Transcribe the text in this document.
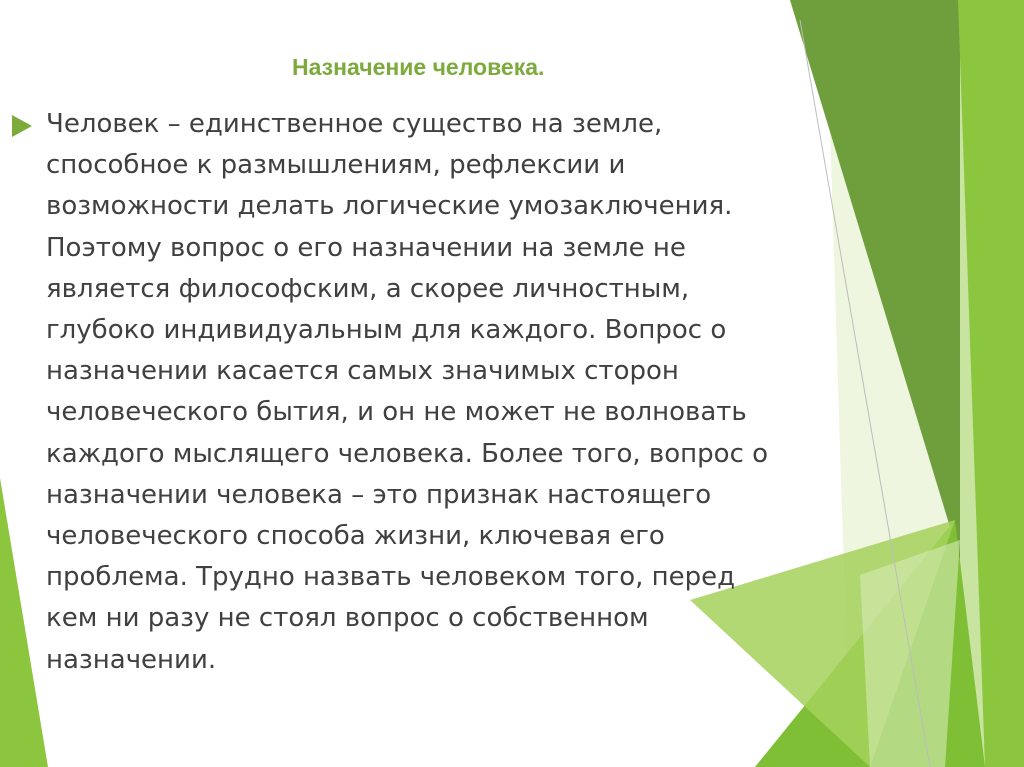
Назначение человека.

Человек – единственное существо на земле,
способное к размышлениям, рефлексии и
возможности делать логические умозаключения.
Поэтому вопрос о его назначении на земле не
является философским, а скорее личностным,
глубоко индивидуальным для каждого. Вопрос о
назначении касается самых значимых сторон
человеческого бытия, и он не может не волновать
каждого мыслящего человека. Более того, вопрос о
назначении человека – это признак настоящего
человеческого способа жизни, ключевая его
проблема. Трудно назвать человеком того, перед
кем ни разу не стоял вопрос о собственном
назначении.
